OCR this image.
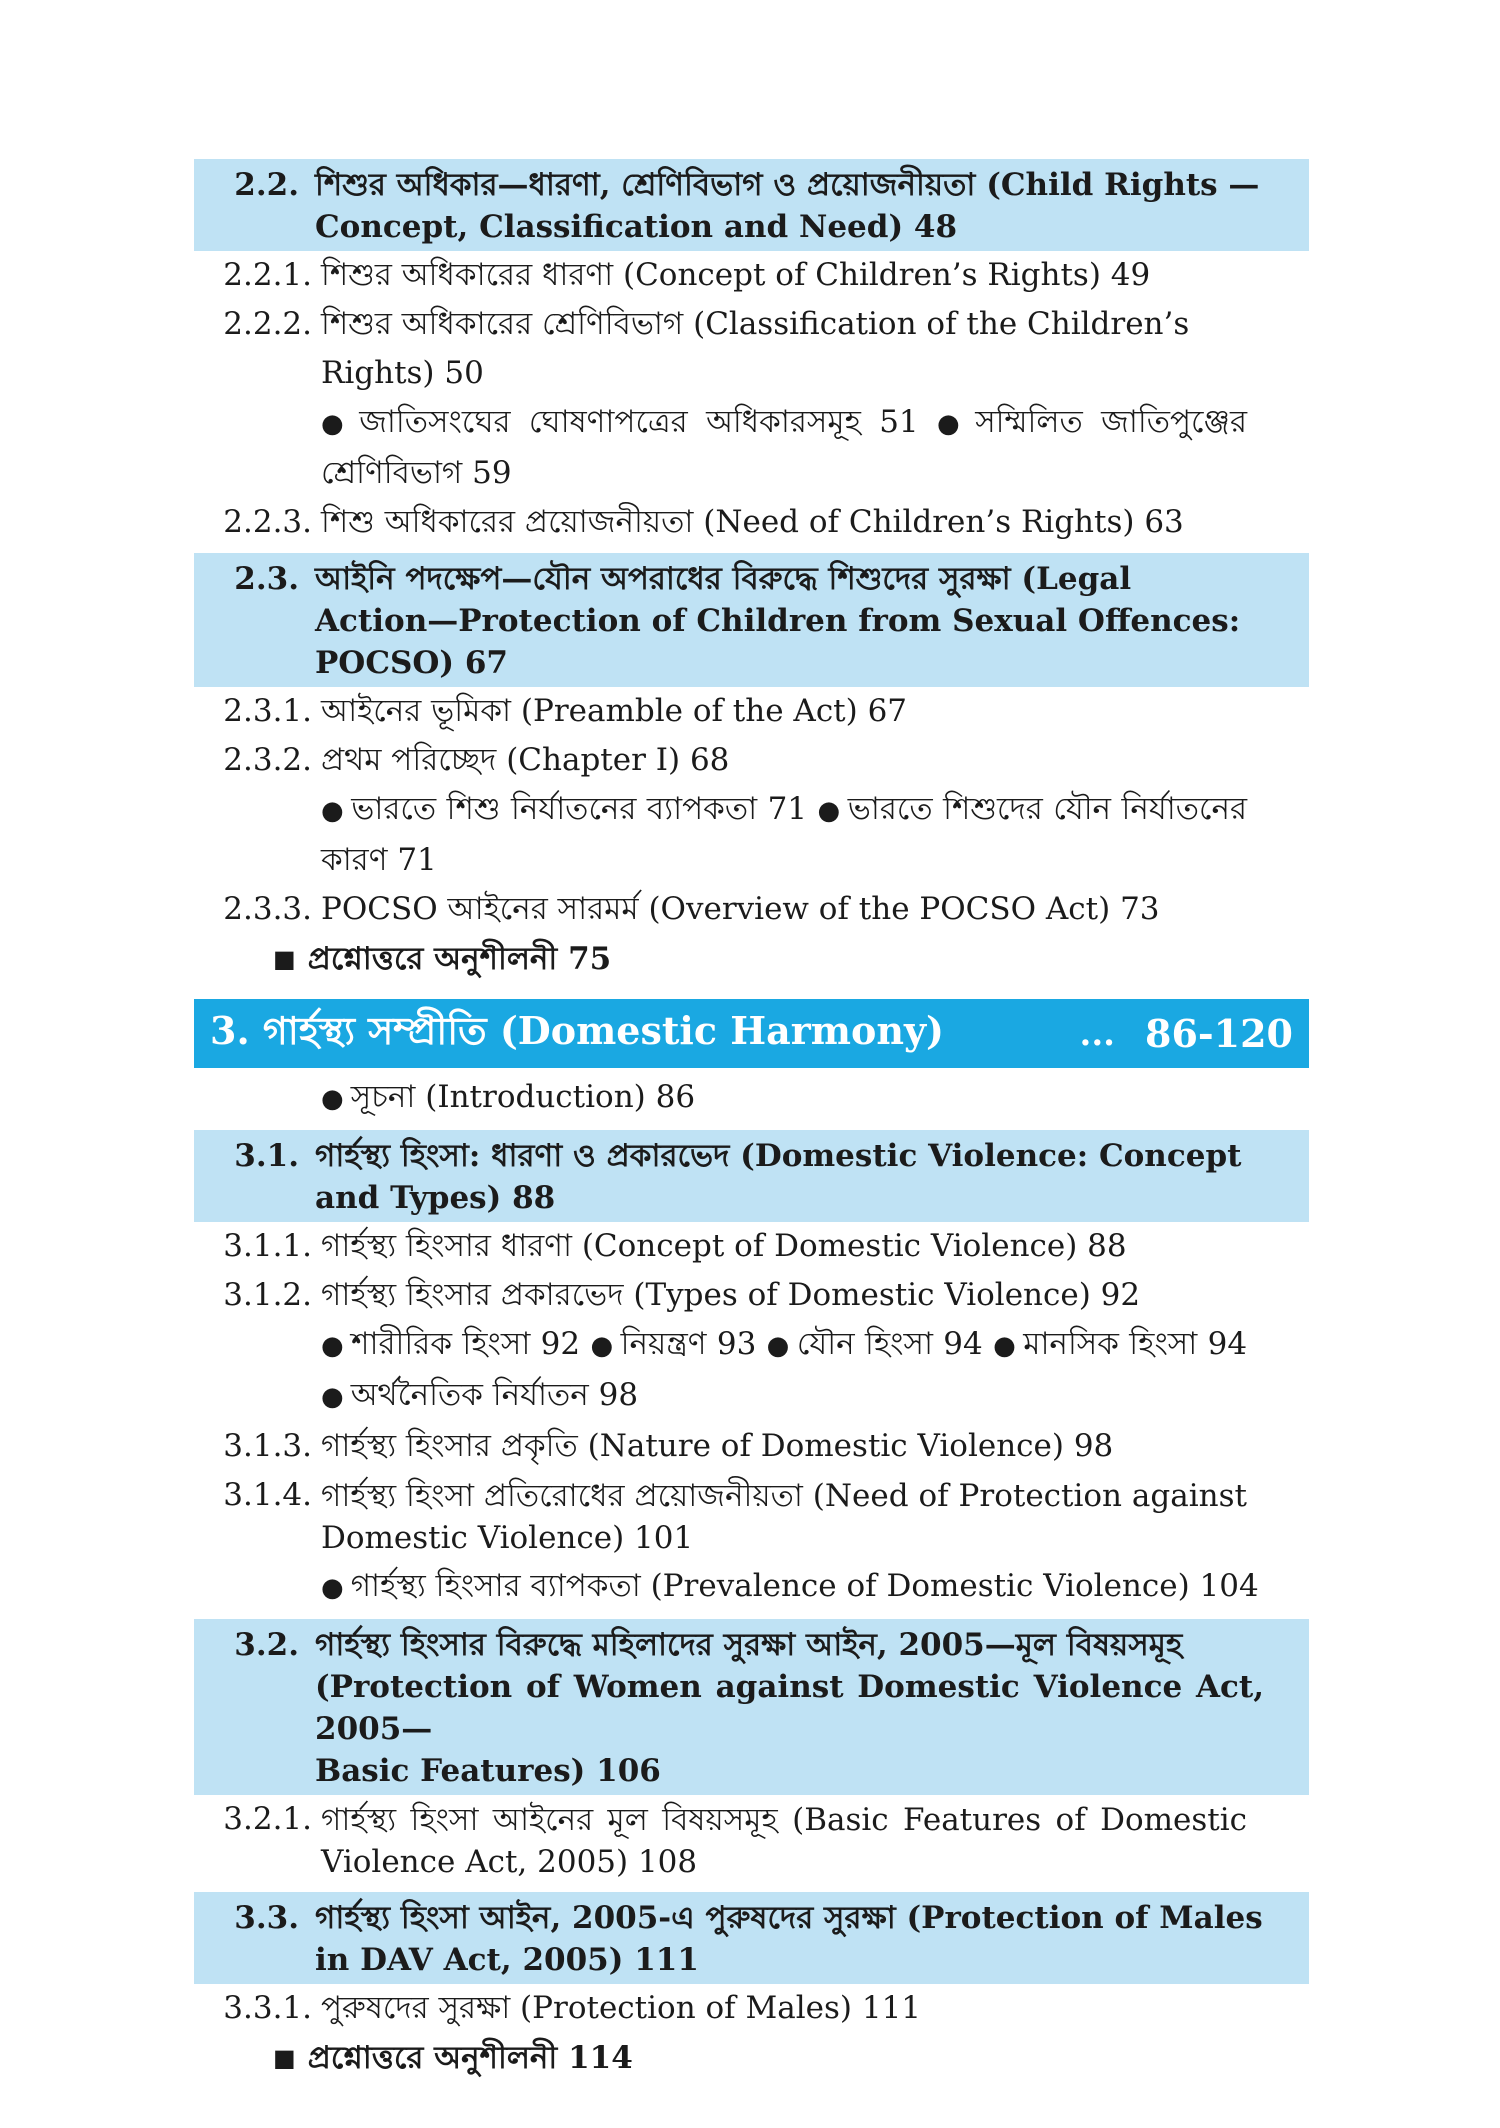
2.2. শিশুর অধিকার—ধারণা, শ্রেণিবিভাগ ও প্রয়োজনীয়তা (Child Rights —
Concept, Classification and Need) 48
2.2.1. শিশুর অধিকারের ধারণা (Concept of Children’s Rights) 49
2.2.2. শিশুর অধিকারের শ্রেণিবিভাগ (Classification of the Children’s Rights) 50
● জাতিসংঘের ঘোষণাপত্রের অধিকারসমূহ 51 ● সম্মিলিত জাতিপুঞ্জের শ্রেণিবিভাগ 59
2.2.3. শিশু অধিকারের প্রয়োজনীয়তা (Need of Children’s Rights) 63
2.3. আইনি পদক্ষেপ—যৌন অপরাধের বিরুদ্ধে শিশুদের সুরক্ষা (Legal
Action—Protection of Children from Sexual Offences:
POCSO) 67
2.3.1. আইনের ভূমিকা (Preamble of the Act) 67
2.3.2. প্রথম পরিচ্ছেদ (Chapter I) 68
● ভারতে শিশু নির্যাতনের ব্যাপকতা 71 ● ভারতে শিশুদের যৌন নির্যাতনের কারণ 71
2.3.3. POCSO আইনের সারমর্ম (Overview of the POCSO Act) 73
■ প্রশ্নোত্তরে অনুশীলনী 75
3. গার্হস্থ্য সম্প্রীতি (Domestic Harmony)	... 86-120
● সূচনা (Introduction) 86
3.1. গার্হস্থ্য হিংসা: ধারণা ও প্রকারভেদ (Domestic Violence: Concept
and Types) 88
3.1.1. গার্হস্থ্য হিংসার ধারণা (Concept of Domestic Violence) 88
3.1.2. গার্হস্থ্য হিংসার প্রকারভেদ (Types of Domestic Violence) 92
● শারীরিক হিংসা 92 ● নিয়ন্ত্রণ 93 ● যৌন হিংসা 94 ● মানসিক হিংসা 94 ● অর্থনৈতিক নির্যাতন 98
3.1.3. গার্হস্থ্য হিংসার প্রকৃতি (Nature of Domestic Violence) 98
3.1.4. গার্হস্থ্য হিংসা প্রতিরোধের প্রয়োজনীয়তা (Need of Protection against Domestic Violence) 101
● গার্হস্থ্য হিংসার ব্যাপকতা (Prevalence of Domestic Violence) 104
3.2. গার্হস্থ্য হিংসার বিরুদ্ধে মহিলাদের সুরক্ষা আইন, 2005—মূল বিষয়সমূহ
(Protection of Women against Domestic Violence Act, 2005—
Basic Features) 106
3.2.1. গার্হস্থ্য হিংসা আইনের মূল বিষয়সমূহ (Basic Features of Domestic Violence Act, 2005) 108
3.3. গার্হস্থ্য হিংসা আইন, 2005-এ পুরুষদের সুরক্ষা (Protection of Males
in DAV Act, 2005) 111
3.3.1. পুরুষদের সুরক্ষা (Protection of Males) 111
■ প্রশ্নোত্তরে অনুশীলনী 114
